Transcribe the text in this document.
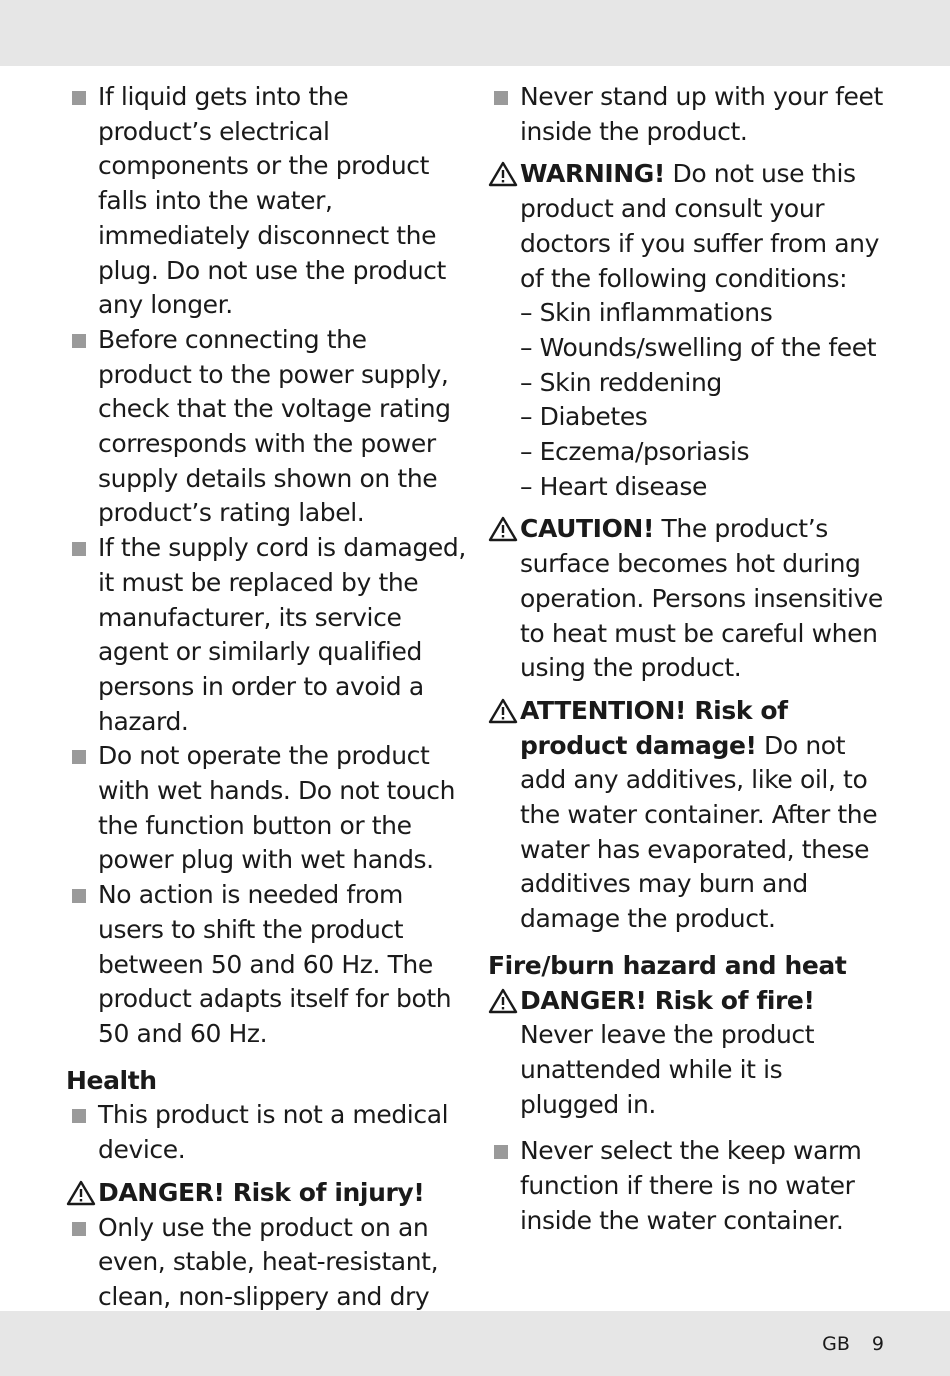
If liquid gets into the product’s electrical components or the product falls into the water, immediately disconnect the plug. Do not use the product any longer.
Before connecting the product to the power supply, check that the voltage rating corresponds with the power supply details shown on the product’s rating label.
If the supply cord is damaged, it must be replaced by the manufacturer, its service agent or similarly qualified persons in order to avoid a hazard.
Do not operate the product with wet hands. Do not touch the function button or the power plug with wet hands.
No action is needed from users to shift the product between 50 and 60 Hz. The product adapts itself for both 50 and 60 Hz.
Health
This product is not a medical device.
DANGER! Risk of injury!
Only use the product on an even, stable, heat-resistant, clean, non-slippery and dry
Never stand up with your feet inside the product.
WARNING! Do not use this product and consult your doctors if you suffer from any of the following conditions:
– Skin inflammations
– Wounds/swelling of the feet
– Skin reddening
– Diabetes
– Eczema/psoriasis
– Heart disease
CAUTION! The product’s surface becomes hot during operation. Persons insensitive to heat must be careful when using the product.
ATTENTION! Risk of product damage! Do not add any additives, like oil, to the water container. After the water has evaporated, these additives may burn and damage the product.
Fire/burn hazard and heat
DANGER! Risk of fire!
Never leave the product unattended while it is plugged in.
Never select the keep warm function if there is no water inside the water container.
GB 9
